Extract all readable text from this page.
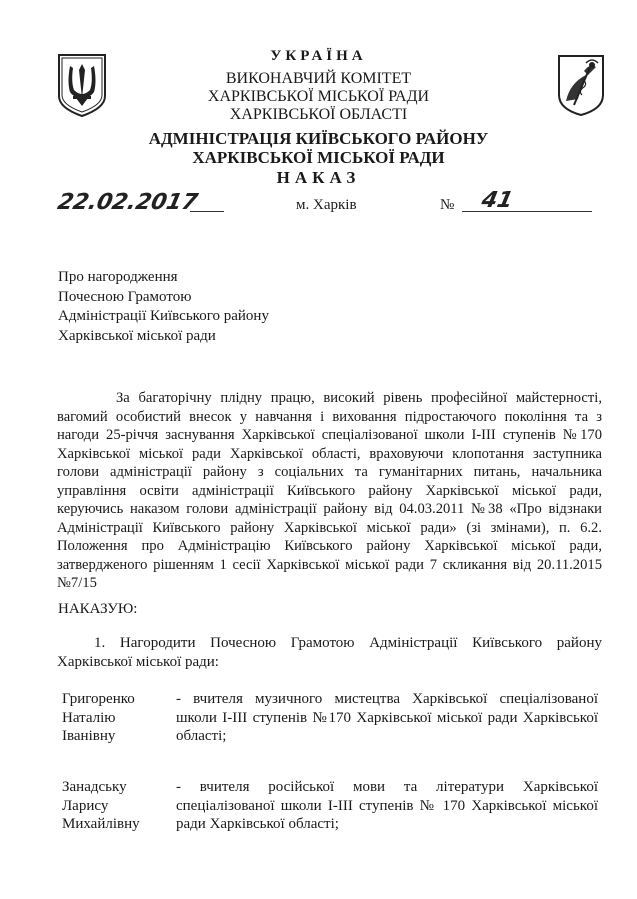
УКРАЇНА
ВИКОНАВЧИЙ КОМІТЕТ
ХАРКІВСЬКОЇ МІСЬКОЇ РАДИ
ХАРКІВСЬКОЇ ОБЛАСТІ
АДМІНІСТРАЦІЯ КИЇВСЬКОГО РАЙОНУ
ХАРКІВСЬКОЇ МІСЬКОЇ РАДИ
НАКАЗ
22.02.2017	м. Харків	№ 41
Про нагородження
Почесною Грамотою
Адміністрації Київського району
Харківської міської ради
За багаторічну плідну працю, високий рівень професійної майстерності, вагомий особистий внесок у навчання і виховання підростаючого покоління та з нагоди 25-річчя заснування Харківської спеціалізованої школи І-ІІІ ступенів №170 Харківської міської ради Харківської області, враховуючи клопотання заступника голови адміністрації району з соціальних та гуманітарних питань, начальника управління освіти адміністрації Київського району Харківської міської ради, керуючись наказом голови адміністрації району від 04.03.2011 №38 «Про відзнаки Адміністрації Київського району Харківської міської ради» (зі змінами), п. 6.2. Положення про Адміністрацію Київського району Харківської міської ради, затвердженого рішенням 1 сесії Харківської міської ради 7 скликання від 20.11.2015 №7/15
НАКАЗУЮ:
1. Нагородити Почесною Грамотою Адміністрації Київського району Харківської міської ради:
Григоренко
Наталію
Іванівну
- вчителя музичного мистецтва Харківської спеціалізованої школи І-ІІІ ступенів №170 Харківської міської ради Харківської області;
Занадську
Ларису
Михайлівну
- вчителя російської мови та літератури Харківської спеціалізованої школи І-ІІІ ступенів № 170 Харківської міської ради Харківської області;
